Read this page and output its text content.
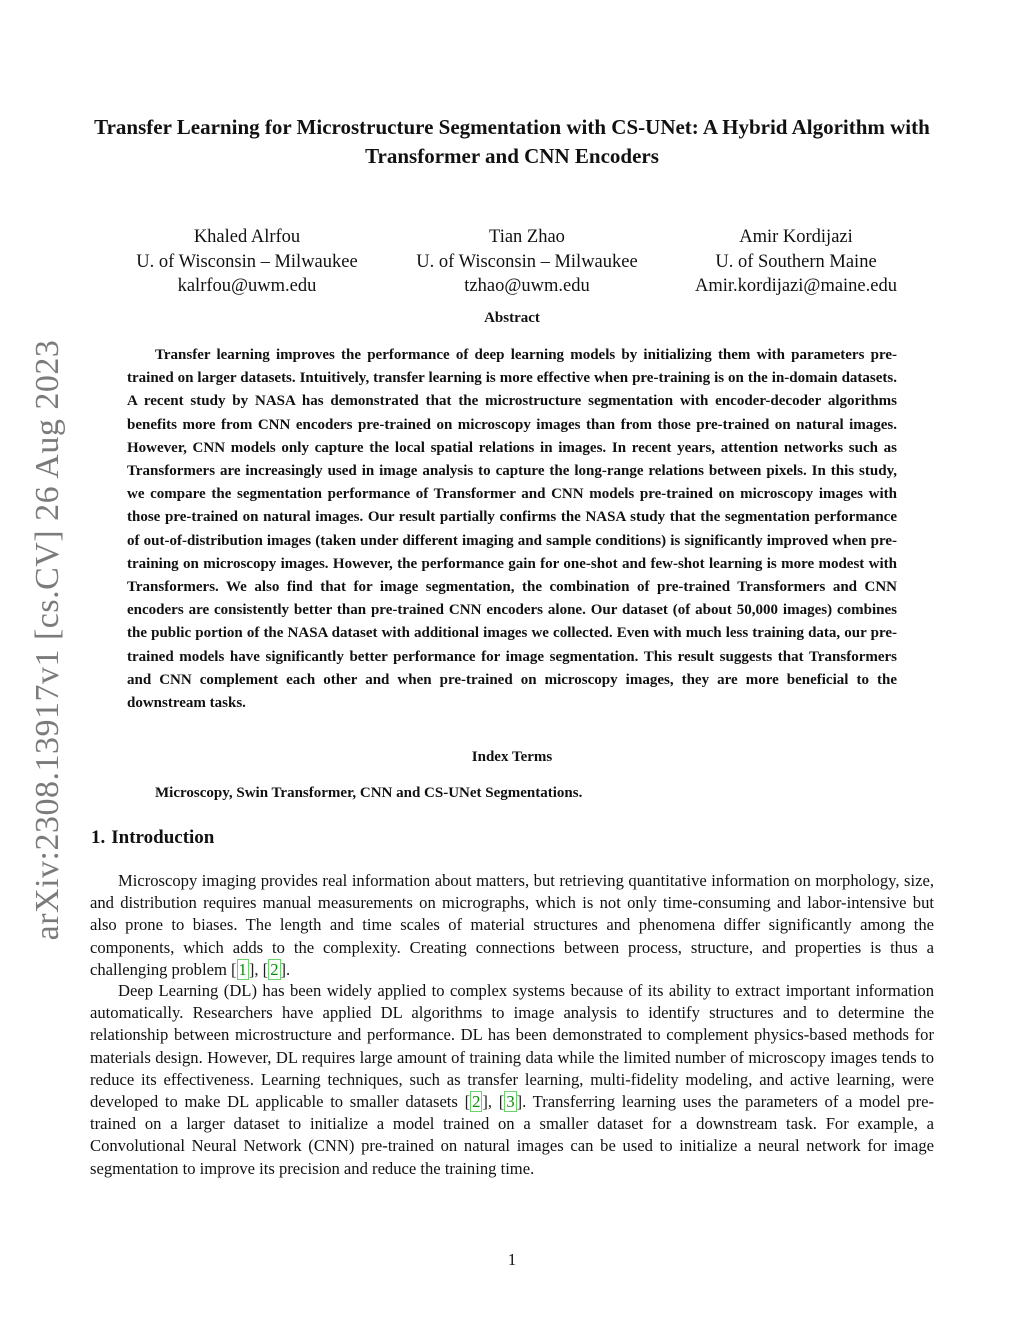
arXiv:2308.13917v1 [cs.CV] 26 Aug 2023
Transfer Learning for Microstructure Segmentation with CS-UNet: A Hybrid Algorithm with Transformer and CNN Encoders
Khaled Alrfou
U. of Wisconsin – Milwaukee
kalrfou@uwm.edu
Tian Zhao
U. of Wisconsin – Milwaukee
tzhao@uwm.edu
Amir Kordijazi
U. of Southern Maine
Amir.kordijazi@maine.edu
Abstract

Transfer learning improves the performance of deep learning models by initializing them with parameters pre-trained on larger datasets. Intuitively, transfer learning is more effective when pre-training is on the in-domain datasets. A recent study by NASA has demonstrated that the microstructure segmentation with encoder-decoder algorithms benefits more from CNN encoders pre-trained on microscopy images than from those pre-trained on natural images. However, CNN models only capture the local spatial relations in images. In recent years, attention networks such as Transformers are increasingly used in image analysis to capture the long-range relations between pixels. In this study, we compare the segmentation performance of Transformer and CNN models pre-trained on microscopy images with those pre-trained on natural images. Our result partially confirms the NASA study that the segmentation performance of out-of-distribution images (taken under different imaging and sample conditions) is significantly improved when pre-training on microscopy images. However, the performance gain for one-shot and few-shot learning is more modest with Transformers. We also find that for image segmentation, the combination of pre-trained Transformers and CNN encoders are consistently better than pre-trained CNN encoders alone. Our dataset (of about 50,000 images) combines the public portion of the NASA dataset with additional images we collected. Even with much less training data, our pre-trained models have significantly better performance for image segmentation. This result suggests that Transformers and CNN complement each other and when pre-trained on microscopy images, they are more beneficial to the downstream tasks.

Index Terms

Microscopy, Swin Transformer, CNN and CS-UNet Segmentations.

1. Introduction

Microscopy imaging provides real information about matters, but retrieving quantitative information on morphology, size, and distribution requires manual measurements on micrographs, which is not only time-consuming and labor-intensive but also prone to biases. The length and time scales of material structures and phenomena differ significantly among the components, which adds to the complexity. Creating connections between process, structure, and properties is thus a challenging problem [ 1 ], [ 2 ].

Deep Learning (DL) has been widely applied to complex systems because of its ability to extract important information automatically. Researchers have applied DL algorithms to image analysis to identify structures and to determine the relationship between microstructure and performance. DL has been demonstrated to complement physics-based methods for materials design. However, DL requires large amount of training data while the limited number of microscopy images tends to reduce its effectiveness. Learning techniques, such as transfer learning, multi-fidelity modeling, and active learning, were developed to make DL applicable to smaller datasets [ 2 ], [ 3 ]. Transferring learning uses the parameters of a model pre-trained on a larger dataset to initialize a model trained on a smaller dataset for a downstream task. For example, a Convolutional Neural Network (CNN) pre-trained on natural images can be used to initialize a neural network for image segmentation to improve its precision and reduce the training time.

1
